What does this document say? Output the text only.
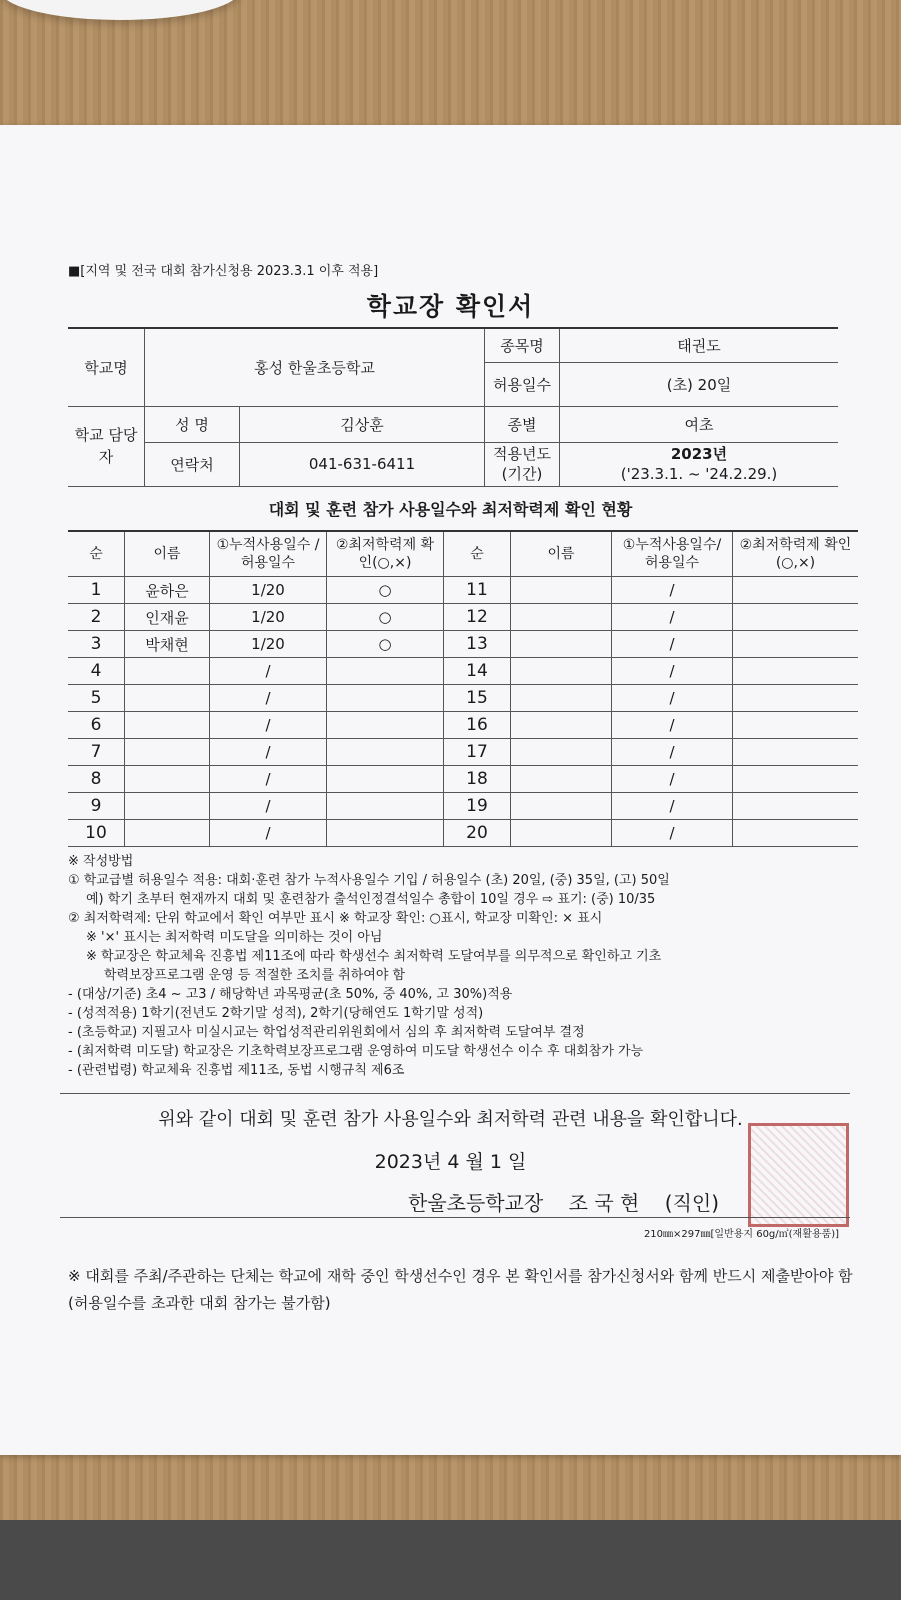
■[지역 및 전국 대회 참가신청용 2023.3.1 이후 적용]
학교장 확인서
학교명	홍성 한울초등학교		종목명	태권도
			허용일수	(초) 20일
학교 담당자	성 명	김상훈	종별	여초
	연락처	041-631-6411	적용년도 (기간)	2023년
('23.3.1. ~ '24.2.29.)
대회 및 훈련 참가 사용일수와 최저학력제 확인 현황
순	이름	①누적사용일수 /허용일수	②최저학력제 확인(○,×)	순	이름	①누적사용일수/ 허용일수	②최저학력제 확인(○,×)
1	윤하은	1/20	○	11		/	
2	인재윤	1/20	○	12		/	
3	박채현	1/20	○	13		/	
4		/		14		/	
5		/		15		/	
6		/		16		/	
7		/		17		/	
8		/		18		/	
9		/		19		/	
10		/		20		/	
※ 작성방법
① 학교급별 허용일수 적용: 대회·훈련 참가 누적사용일수 기입 / 허용일수 (초) 20일, (중) 35일, (고) 50일
예) 학기 초부터 현재까지 대회 및 훈련참가 출석인정결석일수 총합이 10일 경우 ⇨ 표기: (중) 10/35
② 최저학력제: 단위 학교에서 확인 여부만 표시 ※ 학교장 확인: ○표시, 학교장 미확인: × 표시
※ '×' 표시는 최저학력 미도달을 의미하는 것이 아님
※ 학교장은 학교체육 진흥법 제11조에 따라 학생선수 최저학력 도달여부를 의무적으로 확인하고 기초
학력보장프로그램 운영 등 적절한 조치를 취하여야 함
- (대상/기준) 초4 ~ 고3 / 해당학년 과목평균(초 50%, 중 40%, 고 30%)적용
- (성적적용) 1학기(전년도 2학기말 성적), 2학기(당해연도 1학기말 성적)
- (초등학교) 지필고사 미실시교는 학업성적관리위원회에서 심의 후 최저학력 도달여부 결정
- (최저학력 미도달) 학교장은 기초학력보장프로그램 운영하여 미도달 학생선수 이수 후 대회참가 가능
- (관련법령) 학교체육 진흥법 제11조, 동법 시행규칙 제6조
위와 같이 대회 및 훈련 참가 사용일수와 최저학력 관련 내용을 확인합니다.
2023년 4 월 1 일
한울초등학교장    조 국 현    (직인)
210㎜×297㎜[일반용지 60g/㎡(재활용품)]
※ 대회를 주최/주관하는 단체는 학교에 재학 중인 학생선수인 경우 본 확인서를 참가신청서와 함께 반드시 제출받아야 함(허용일수를 초과한 대회 참가는 불가함)
